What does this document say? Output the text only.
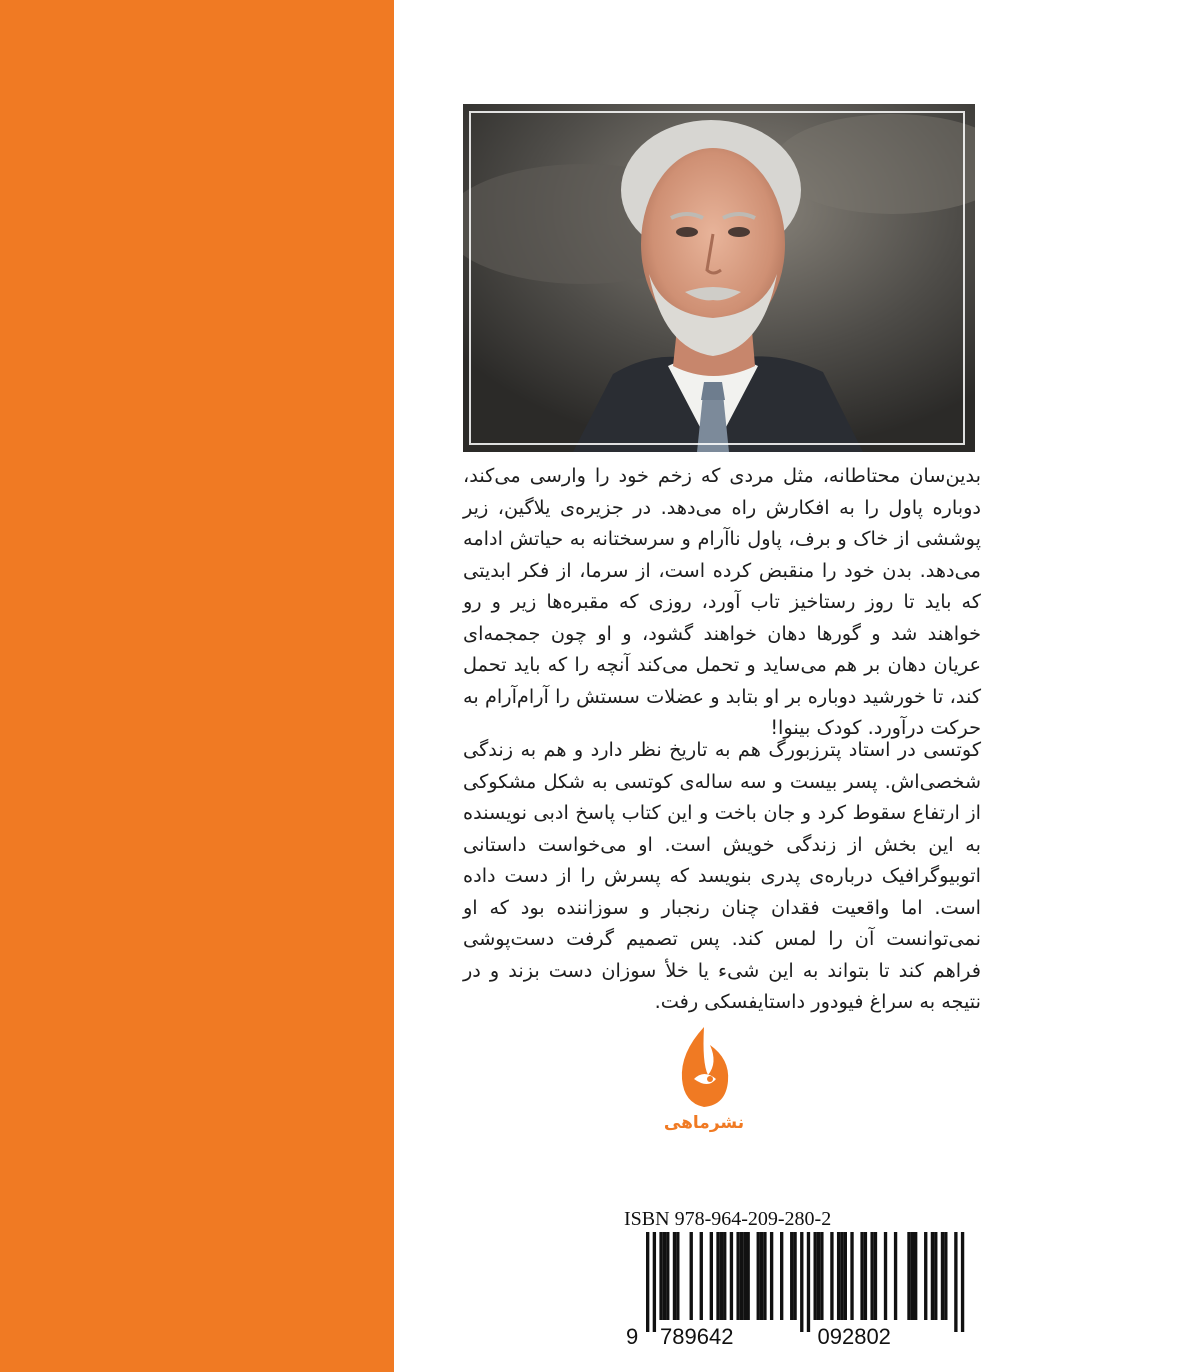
بدین‌سان محتاطانه، مثل مردی که زخم خود را وارسی می‌کند، دوباره پاول را به افکارش راه می‌دهد. در جزیره‌ی یلاگین، زیر پوششی از خاک و برف، پاول ناآرام و سرسختانه به حیاتش ادامه می‌دهد. بدن خود را منقبض کرده است، از سرما، از فکر ابدیتی که باید تا روز رستاخیز تاب آورد، روزی که مقبره‌ها زیر و رو خواهند شد و گورها دهان خواهند گشود، و او چون جمجمه‌ای عریان دهان بر هم می‌ساید و تحمل می‌کند آنچه را که باید تحمل کند، تا خورشید دوباره بر او بتابد و عضلات سستش را آرام‌آرام به حرکت درآورد. کودک بینوا!

کوتسی در استاد پترزبورگ هم به تاریخ نظر دارد و هم به زندگی شخصی‌اش. پسر بیست و سه ساله‌ی کوتسی به شکل مشکوکی از ارتفاع سقوط کرد و جان باخت و این کتاب پاسخ ادبی نویسنده به این بخش از زندگی خویش است. او می‌خواست داستانی اتوبیوگرافیک درباره‌ی پدری بنویسد که پسرش را از دست داده است. اما واقعیت فقدان چنان رنجبار و سوزاننده بود که او نمی‌توانست آن را لمس کند. پس تصمیم گرفت دست‌پوشی فراهم کند تا بتواند به این شیء یا خلأ سوزان دست بزند و در نتیجه به سراغ فیودور داستایفسکی رفت.

نشرماهی
ISBN 978-964-209-280-2
9 789642	092802
